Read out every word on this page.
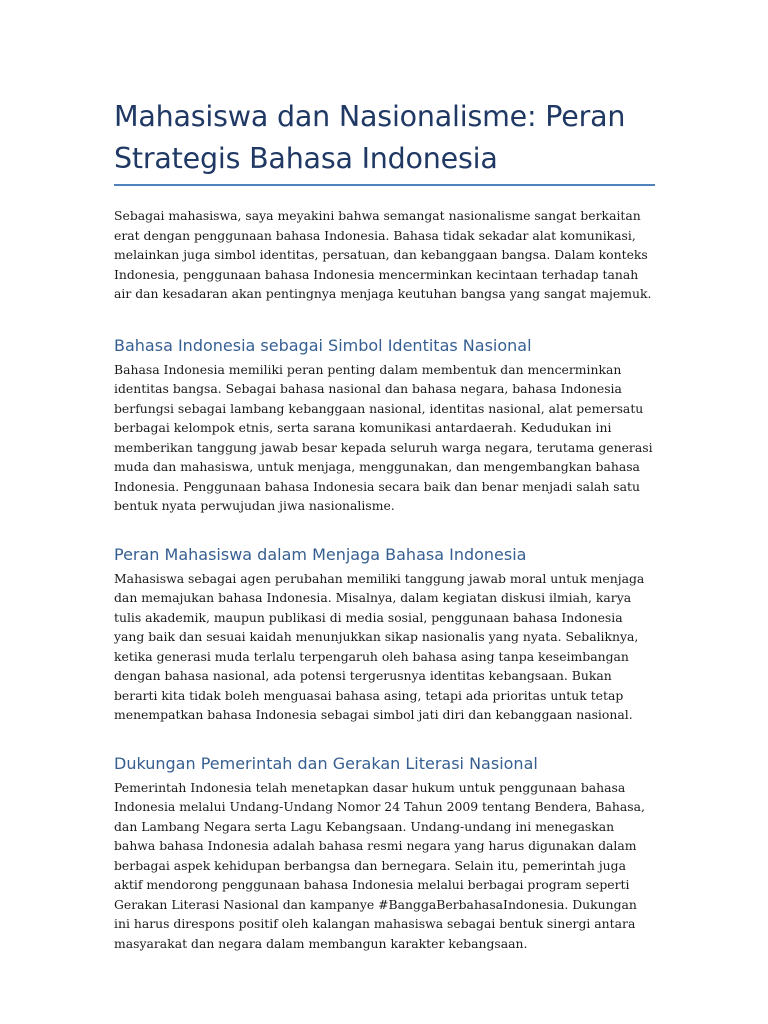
Mahasiswa dan Nasionalisme: Peran Strategis Bahasa Indonesia

Sebagai mahasiswa, saya meyakini bahwa semangat nasionalisme sangat berkaitan erat dengan penggunaan bahasa Indonesia. Bahasa tidak sekadar alat komunikasi, melainkan juga simbol identitas, persatuan, dan kebanggaan bangsa. Dalam konteks Indonesia, penggunaan bahasa Indonesia mencerminkan kecintaan terhadap tanah air dan kesadaran akan pentingnya menjaga keutuhan bangsa yang sangat majemuk.

Bahasa Indonesia sebagai Simbol Identitas Nasional

Bahasa Indonesia memiliki peran penting dalam membentuk dan mencerminkan identitas bangsa. Sebagai bahasa nasional dan bahasa negara, bahasa Indonesia berfungsi sebagai lambang kebanggaan nasional, identitas nasional, alat pemersatu berbagai kelompok etnis, serta sarana komunikasi antardaerah. Kedudukan ini memberikan tanggung jawab besar kepada seluruh warga negara, terutama generasi muda dan mahasiswa, untuk menjaga, menggunakan, dan mengembangkan bahasa Indonesia. Penggunaan bahasa Indonesia secara baik dan benar menjadi salah satu bentuk nyata perwujudan jiwa nasionalisme.

Peran Mahasiswa dalam Menjaga Bahasa Indonesia

Mahasiswa sebagai agen perubahan memiliki tanggung jawab moral untuk menjaga dan memajukan bahasa Indonesia. Misalnya, dalam kegiatan diskusi ilmiah, karya tulis akademik, maupun publikasi di media sosial, penggunaan bahasa Indonesia yang baik dan sesuai kaidah menunjukkan sikap nasionalis yang nyata. Sebaliknya, ketika generasi muda terlalu terpengaruh oleh bahasa asing tanpa keseimbangan dengan bahasa nasional, ada potensi tergerusnya identitas kebangsaan. Bukan berarti kita tidak boleh menguasai bahasa asing, tetapi ada prioritas untuk tetap menempatkan bahasa Indonesia sebagai simbol jati diri dan kebanggaan nasional.

Dukungan Pemerintah dan Gerakan Literasi Nasional

Pemerintah Indonesia telah menetapkan dasar hukum untuk penggunaan bahasa Indonesia melalui Undang-Undang Nomor 24 Tahun 2009 tentang Bendera, Bahasa, dan Lambang Negara serta Lagu Kebangsaan. Undang-undang ini menegaskan bahwa bahasa Indonesia adalah bahasa resmi negara yang harus digunakan dalam berbagai aspek kehidupan berbangsa dan bernegara. Selain itu, pemerintah juga aktif mendorong penggunaan bahasa Indonesia melalui berbagai program seperti Gerakan Literasi Nasional dan kampanye #BanggaBerbahasaIndonesia. Dukungan ini harus direspons positif oleh kalangan mahasiswa sebagai bentuk sinergi antara masyarakat dan negara dalam membangun karakter kebangsaan.
